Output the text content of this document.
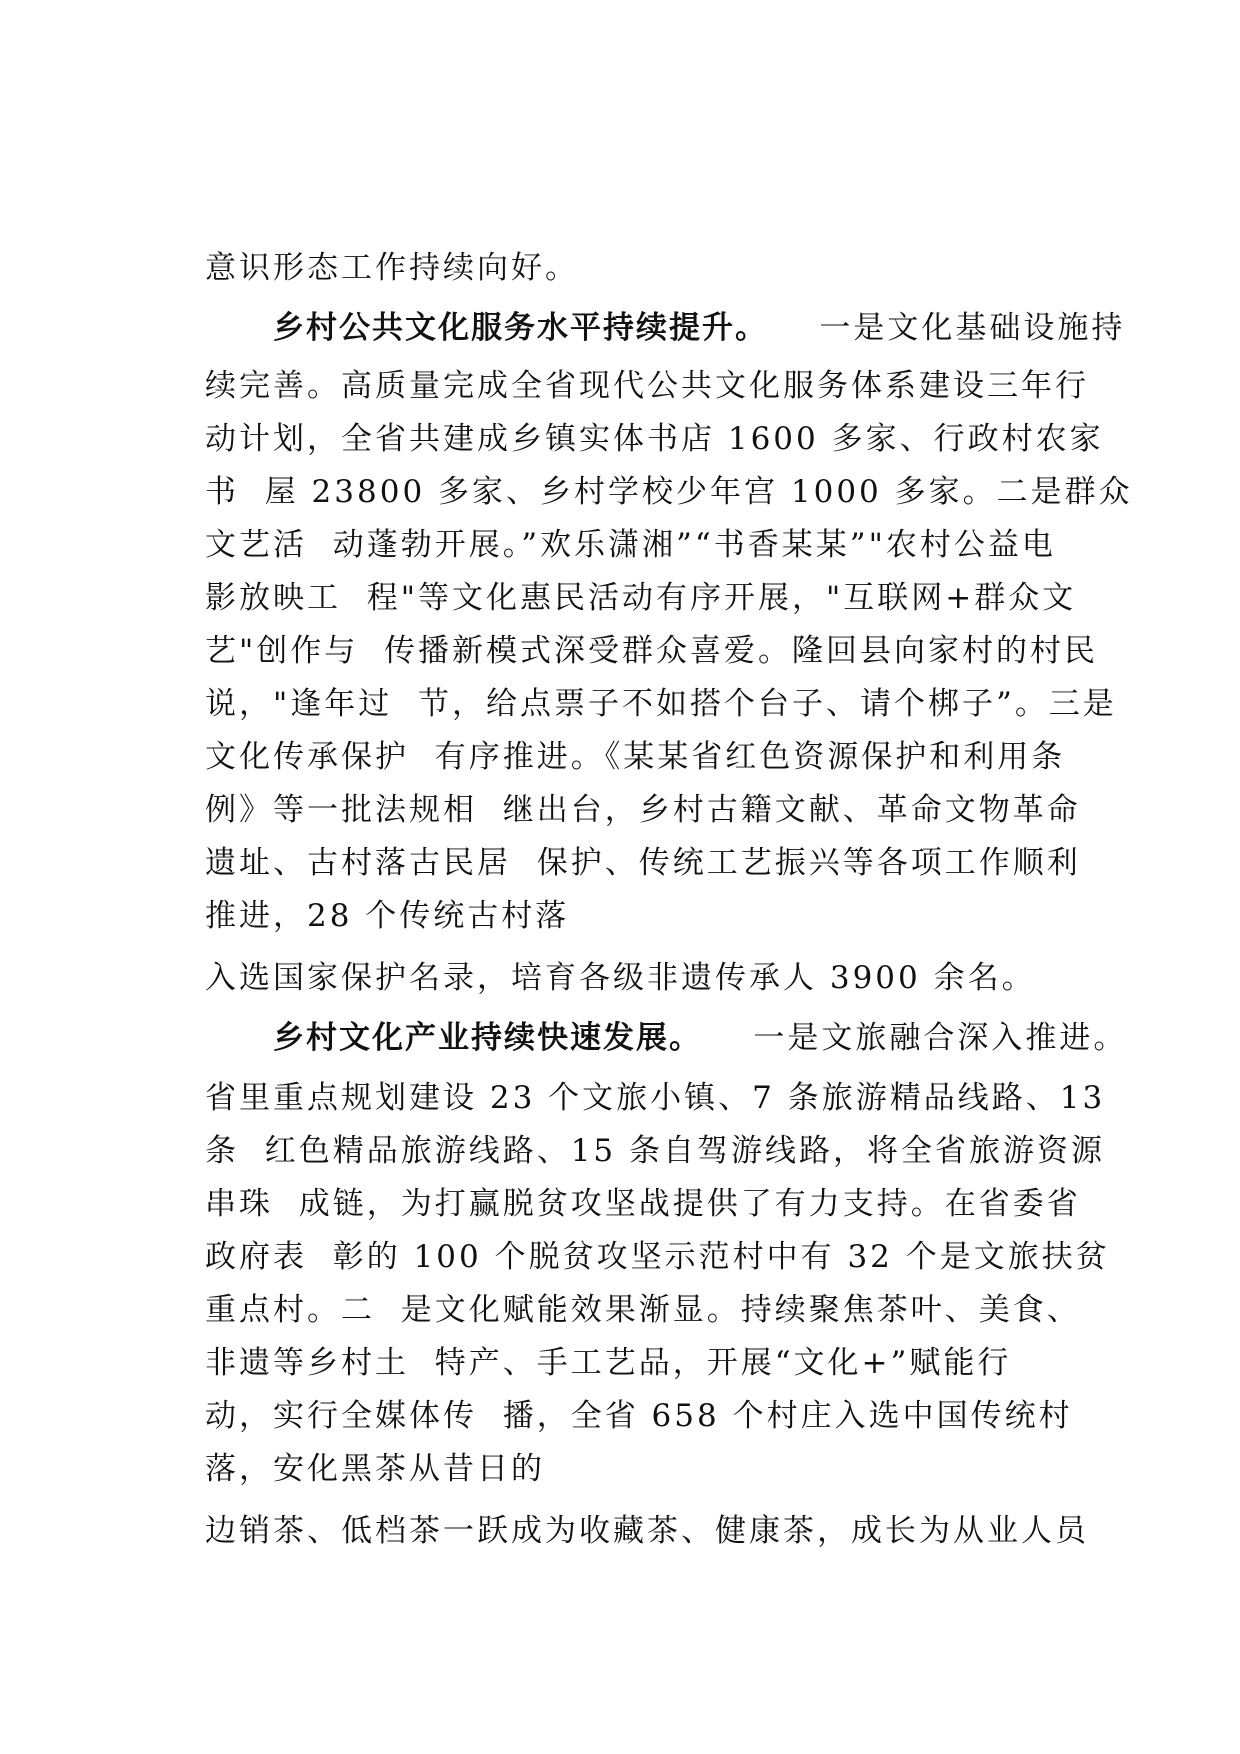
意识形态工作持续向好。
乡村公共文化服务水平持续提升。 一是文化基础设施持
续完善。高质量完成全省现代公共文化服务体系建设三年行
动计划，全省共建成乡镇实体书店 1600 多家、行政村农家
书  屋 23800 多家、乡村学校少年宫 1000 多家。二是群众
文艺活  动蓬勃开展。”欢乐潇湘”“书香某某”"农村公益电
影放映工  程"等文化惠民活动有序开展，"互联网+群众文
艺"创作与  传播新模式深受群众喜爱。隆回县向家村的村民
说，"逢年过  节，给点票子不如搭个台子、请个梆子”。三是
文化传承保护  有序推进。《某某省红色资源保护和利用条
例》等一批法规相  继出台，乡村古籍文献、革命文物革命
遗址、古村落古民居  保护、传统工艺振兴等各项工作顺利
推进，28 个传统古村落
入选国家保护名录，培育各级非遗传承人 3900 余名。
乡村文化产业持续快速发展。 一是文旅融合深入推进。
省里重点规划建设 23 个文旅小镇、7 条旅游精品线路、13
条  红色精品旅游线路、15 条自驾游线路，将全省旅游资源
串珠  成链，为打赢脱贫攻坚战提供了有力支持。在省委省
政府表  彰的 100 个脱贫攻坚示范村中有 32 个是文旅扶贫
重点村。二  是文化赋能效果渐显。持续聚焦茶叶、美食、
非遗等乡村土  特产、手工艺品，开展“文化+”赋能行
动，实行全媒体传  播，全省 658 个村庄入选中国传统村
落，安化黑茶从昔日的
边销茶、低档茶一跃成为收藏茶、健康茶，成长为从业人员
